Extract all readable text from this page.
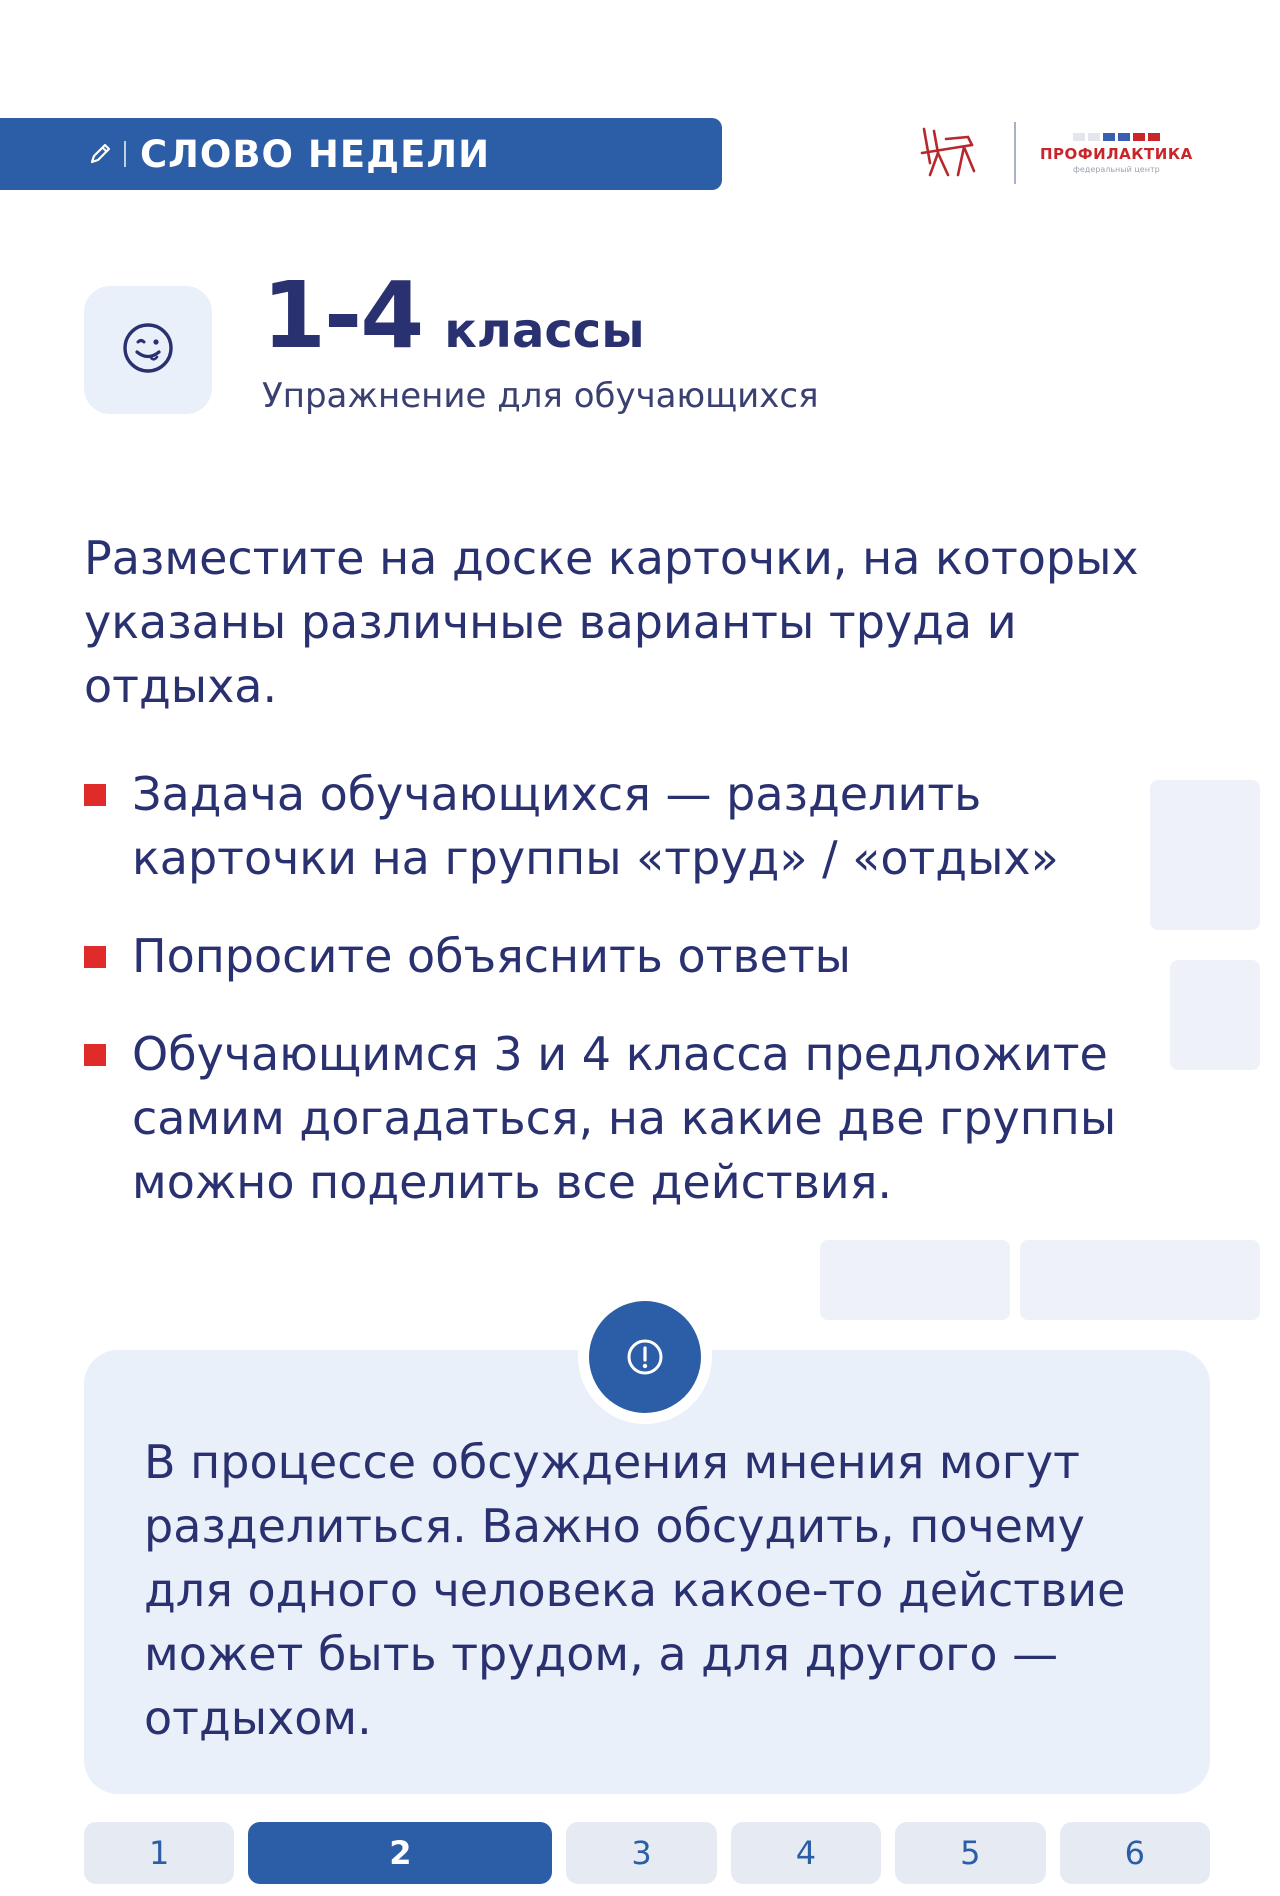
СЛОВО НЕДЕЛИ	ПРОФИЛАКТИКА
федеральный центр
1-4 классы
Упражнение для обучающихся
Разместите на доске карточки, на которых указаны различные варианты труда и отдыха.
Задача обучающихся — разделить карточки на группы «труд» / «отдых»
Попросите объяснить ответы
Обучающимся 3 и 4 класса предложите самим догадаться, на какие две группы можно поделить все действия.
В процессе обсуждения мнения могут разделиться. Важно обсудить, почему для одного человека какое-то действие может быть трудом, а для другого — отдыхом.
1	2	3	4	5	6
